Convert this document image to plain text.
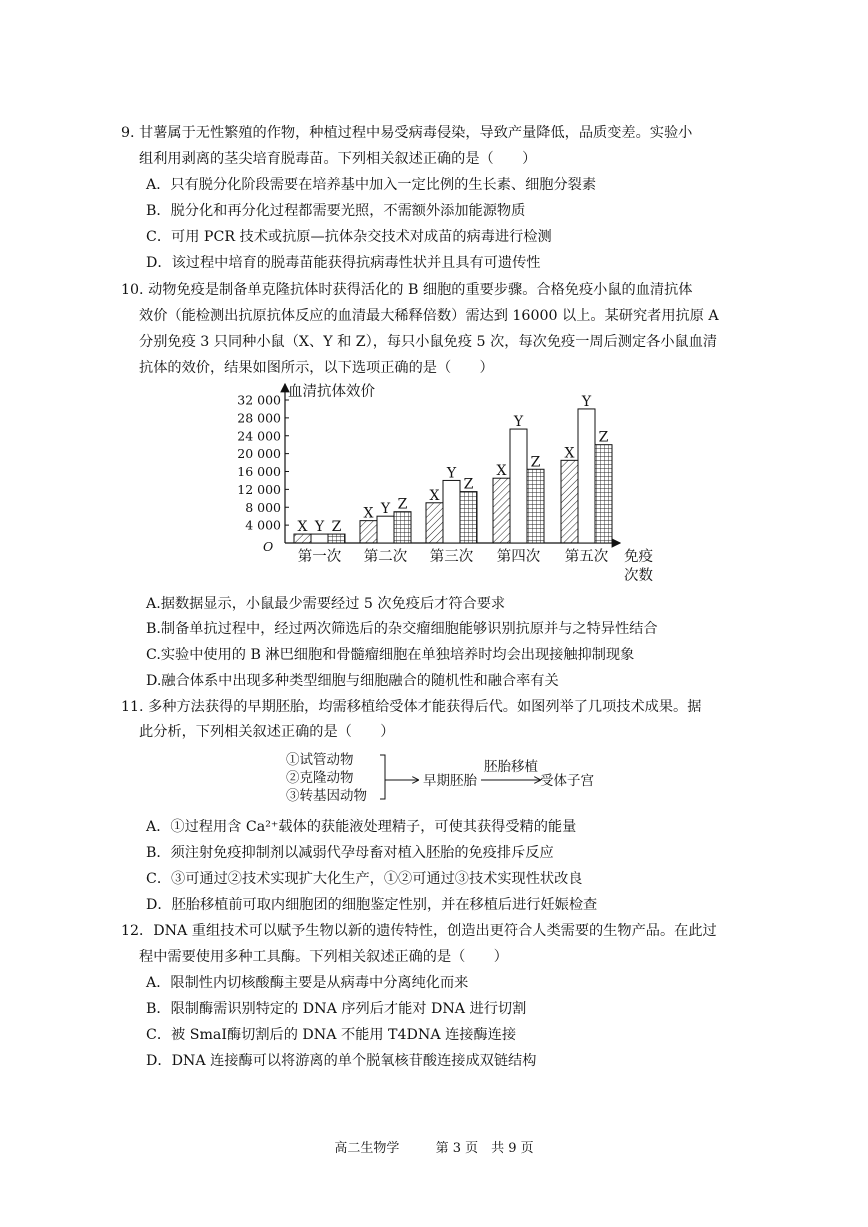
9. 甘薯属于无性繁殖的作物，种植过程中易受病毒侵染，导致产量降低，品质变差。实验小
组利用剥离的茎尖培育脱毒苗。下列相关叙述正确的是（　　）
A．只有脱分化阶段需要在培养基中加入一定比例的生长素、细胞分裂素
B．脱分化和再分化过程都需要光照，不需额外添加能源物质
C．可用 PCR 技术或抗原—抗体杂交技术对成苗的病毒进行检测
D．该过程中培育的脱毒苗能获得抗病毒性状并且具有可遗传性
10. 动物免疫是制备单克隆抗体时获得活化的 B 细胞的重要步骤。合格免疫小鼠的血清抗体
效价（能检测出抗原抗体反应的血清最大稀释倍数）需达到 16000 以上。某研究者用抗原 A
分别免疫 3 只同种小鼠（X、Y 和 Z），每只小鼠免疫 5 次，每次免疫一周后测定各小鼠血清
抗体的效价，结果如图所示，以下选项正确的是（　　）
血清抗体效价
免疫
次数
O
4 000
8 000
12 000
16 000
20 000
24 000
28 000
32 000
X Y Z
第一次
X Y Z
第二次
X
Y
Z
第三次
X
Y
Z
第四次
X
Y
Z
第五次
A.据数据显示，小鼠最少需要经过 5 次免疫后才符合要求
B.制备单抗过程中，经过两次筛选后的杂交瘤细胞能够识别抗原并与之特异性结合
C.实验中使用的 B 淋巴细胞和骨髓瘤细胞在单独培养时均会出现接触抑制现象
D.融合体系中出现多种类型细胞与细胞融合的随机性和融合率有关
11. 多种方法获得的早期胚胎，均需移植给受体才能获得后代。如图列举了几项技术成果。据
此分析，下列相关叙述正确的是（　　）
①试管动物
②克隆动物
③转基因动物
早期胚胎
胚胎移植
受体子宫
A．①过程用含 Ca²⁺载体的获能液处理精子，可使其获得受精的能量
B．须注射免疫抑制剂以减弱代孕母畜对植入胚胎的免疫排斥反应
C．③可通过②技术实现扩大化生产，①②可通过③技术实现性状改良
D．胚胎移植前可取内细胞团的细胞鉴定性别，并在移植后进行妊娠检查
12．DNA 重组技术可以赋予生物以新的遗传特性，创造出更符合人类需要的生物产品。在此过
程中需要使用多种工具酶。下列相关叙述正确的是（　　）
A．限制性内切核酸酶主要是从病毒中分离纯化而来
B．限制酶需识别特定的 DNA 序列后才能对 DNA 进行切割
C．被 SmaⅠ酶切割后的 DNA 不能用 T4DNA 连接酶连接
D．DNA 连接酶可以将游离的单个脱氧核苷酸连接成双链结构
高二生物学	第 3 页　共 9 页
